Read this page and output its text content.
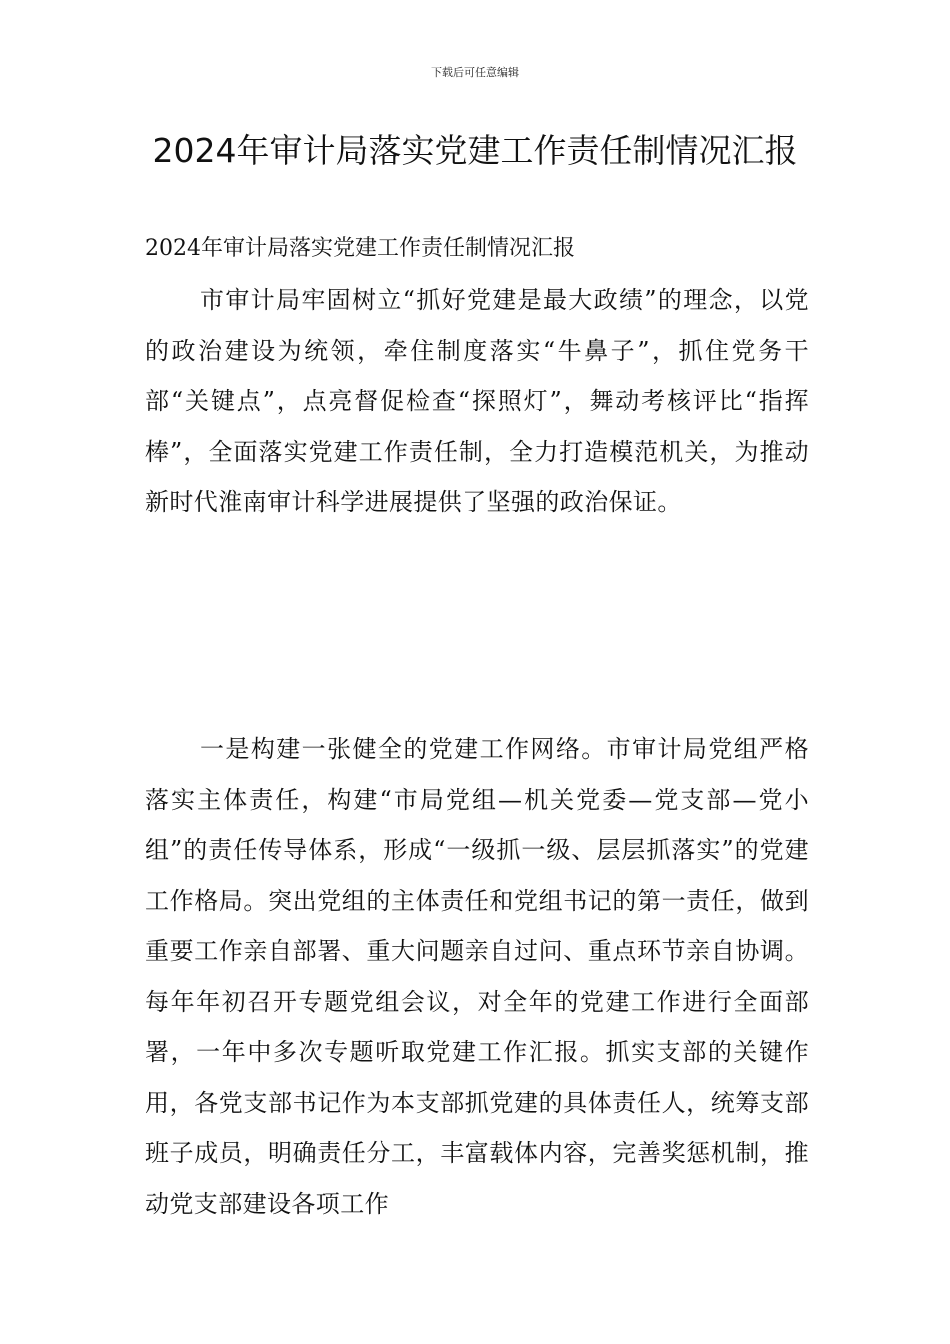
下载后可任意编辑
2024年审计局落实党建工作责任制情况汇报

2024年审计局落实党建工作责任制情况汇报

市审计局牢固树立“抓好党建是最大政绩”的理念，以党的政治建设为统领，牵住制度落实“牛鼻子”，抓住党务干部“关键点”，点亮督促检查“探照灯”，舞动考核评比“指挥棒”，全面落实党建工作责任制，全力打造模范机关，为推动新时代淮南审计科学进展提供了坚强的政治保证。

一是构建一张健全的党建工作网络。市审计局党组严格落实主体责任，构建“市局党组—机关党委—党支部—党小组”的责任传导体系，形成“一级抓一级、层层抓落实”的党建工作格局。突出党组的主体责任和党组书记的第一责任，做到重要工作亲自部署、重大问题亲自过问、重点环节亲自协调。每年年初召开专题党组会议，对全年的党建工作进行全面部署，一年中多次专题听取党建工作汇报。抓实支部的关键作用，各党支部书记作为本支部抓党建的具体责任人，统筹支部班子成员，明确责任分工，丰富载体内容，完善奖惩机制，推动党支部建设各项工作
